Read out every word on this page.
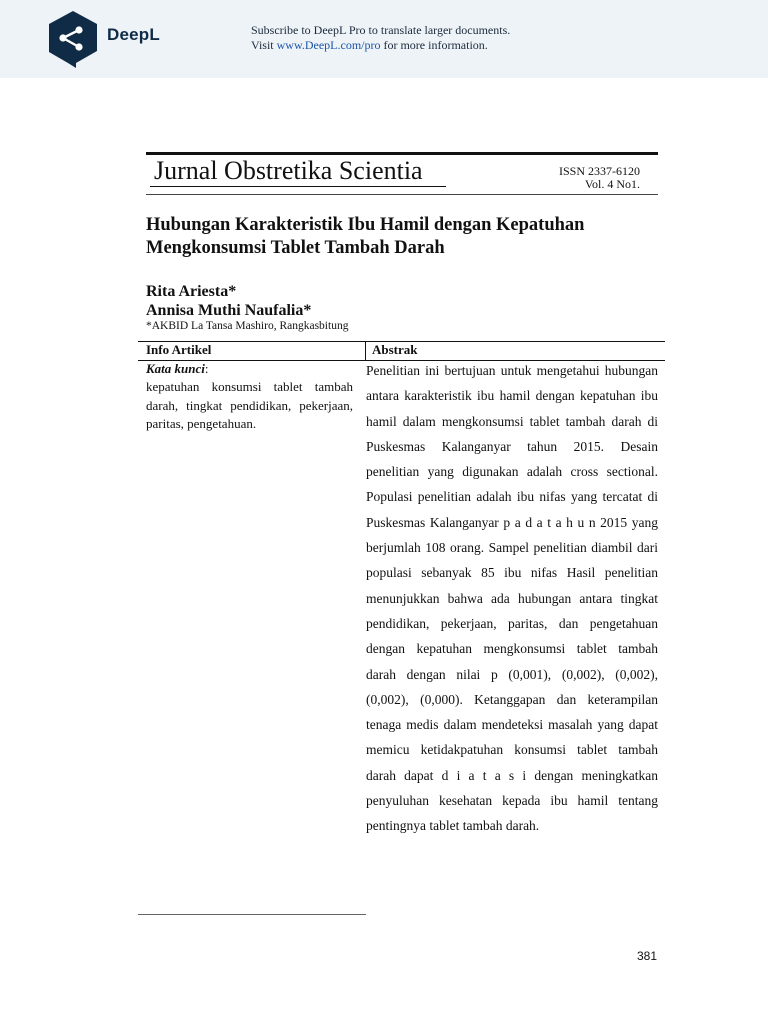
DeepL	Subscribe to DeepL Pro to translate larger documents.
Visit www.DeepL.com/pro for more information.
Jurnal Obstretika Scientia	ISSN 2337-6120
Vol. 4 No1.
Hubungan Karakteristik Ibu Hamil dengan Kepatuhan Mengkonsumsi Tablet Tambah Darah
Rita Ariesta*
Annisa Muthi Naufalia*
*AKBID La Tansa Mashiro, Rangkasbitung
Info Artikel	Abstrak
Kata kunci:
kepatuhan konsumsi tablet tambah darah, tingkat pendidikan, pekerjaan, paritas, pengetahuan.
Penelitian ini bertujuan untuk mengetahui hubungan antara karakteristik ibu hamil dengan kepatuhan ibu hamil dalam mengkonsumsi tablet tambah darah di Puskesmas Kalanganyar tahun 2015. Desain penelitian yang digunakan adalah cross sectional. Populasi penelitian adalah ibu nifas yang tercatat di Puskesmas Kalanganyar p a d a t a h u n 2015 yang berjumlah 108 orang. Sampel penelitian diambil dari populasi sebanyak 85 ibu nifas Hasil penelitian menunjukkan bahwa ada hubungan antara tingkat pendidikan, pekerjaan, paritas, dan pengetahuan dengan kepatuhan mengkonsumsi tablet tambah darah dengan nilai p (0,001), (0,002), (0,002), (0,002), (0,000). Ketanggapan dan keterampilan tenaga medis dalam mendeteksi masalah yang dapat memicu ketidakpatuhan konsumsi tablet tambah darah dapat d i a t a s i dengan meningkatkan penyuluhan kesehatan kepada ibu hamil tentang pentingnya tablet tambah darah.
381
